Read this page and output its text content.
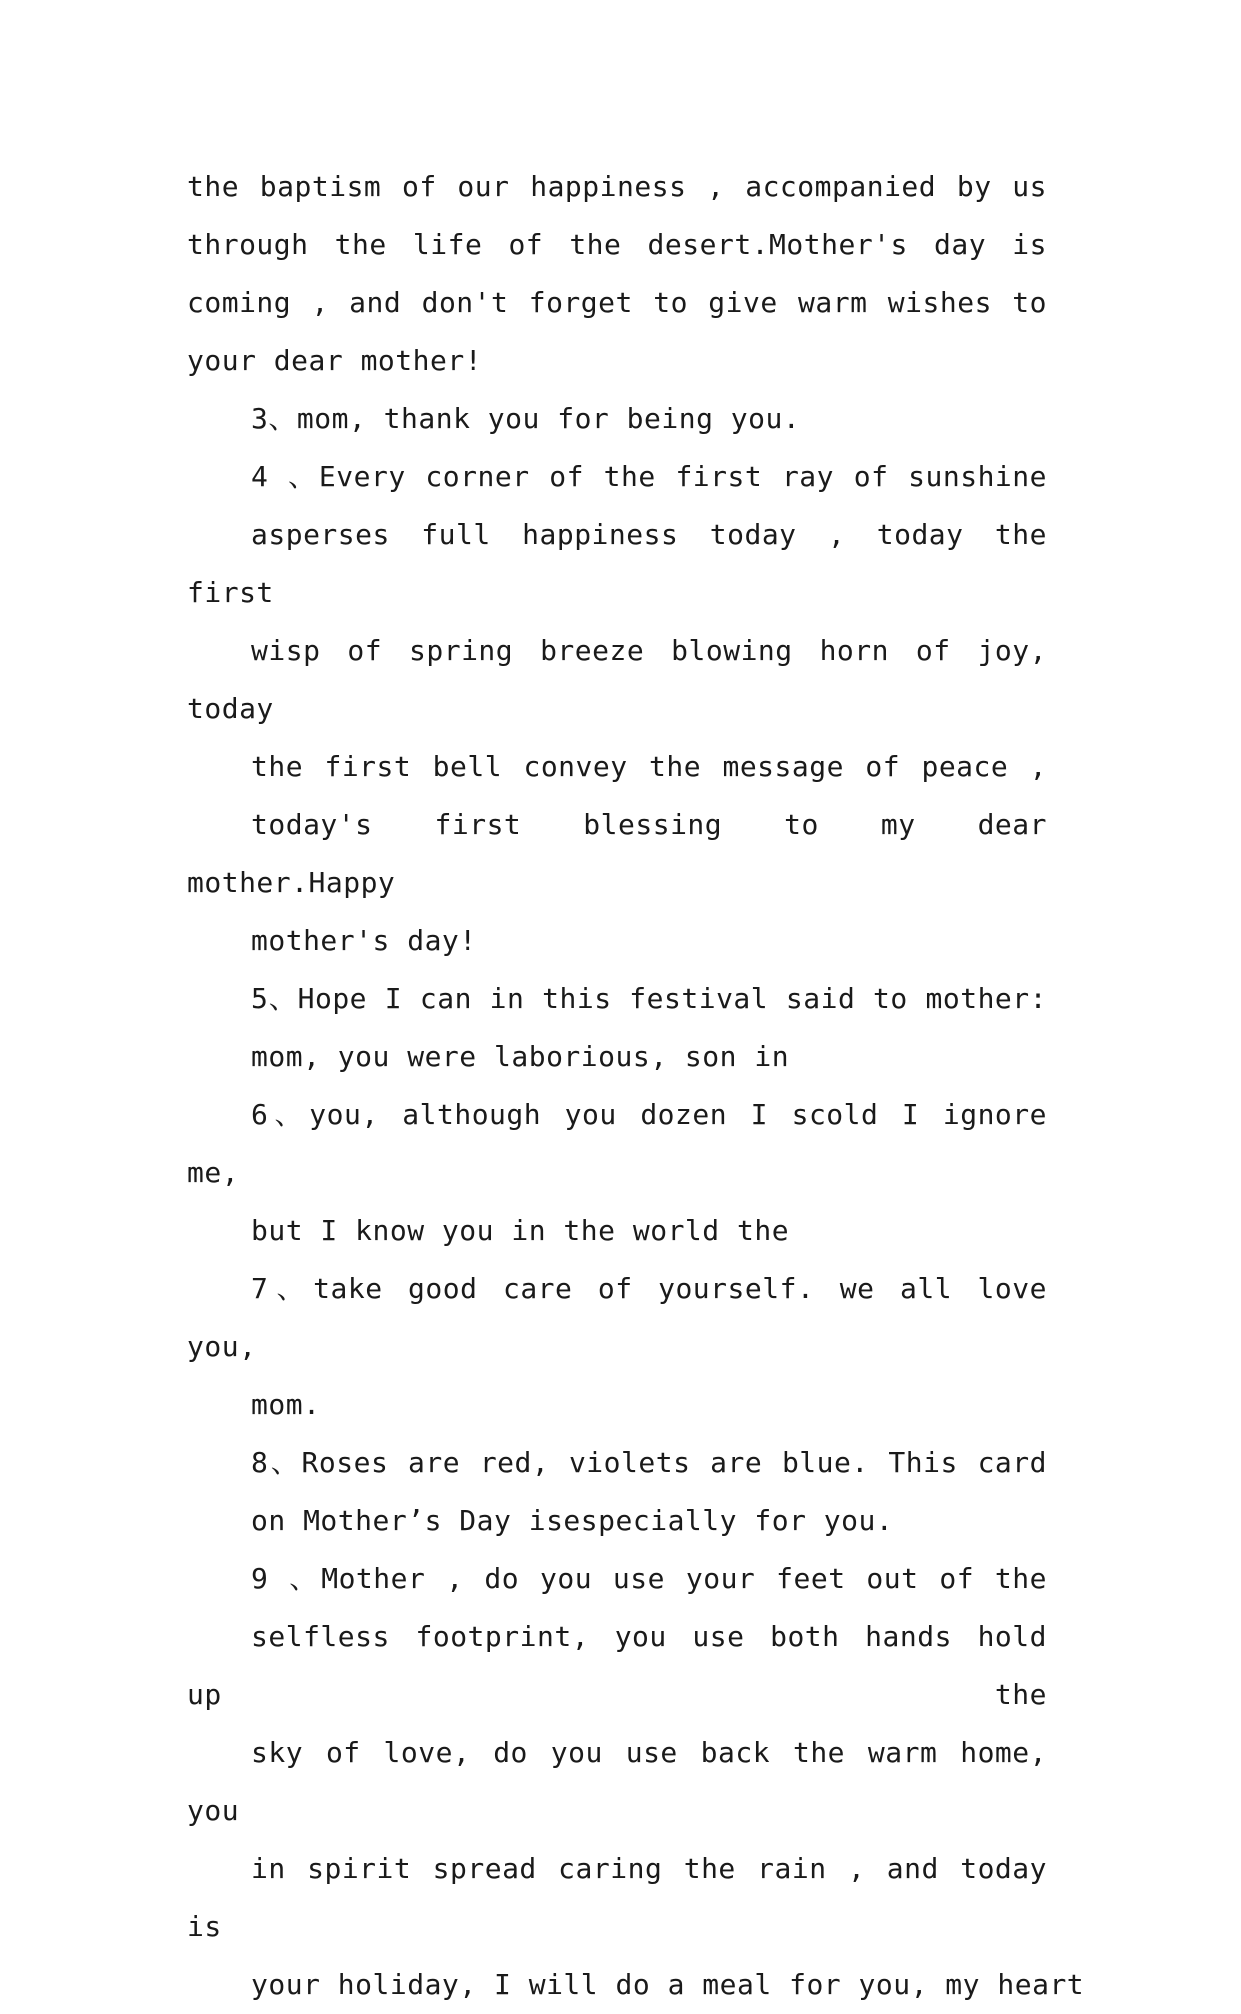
the baptism of our happiness , accompanied by us
through the life of the desert.Mother's day is
coming , and don't forget to give warm wishes to
your dear mother!
3、mom, thank you for being you.
4 、Every corner of the first ray of sunshine
asperses full happiness today , today the first
wisp of spring breeze blowing horn of joy, today
the first bell convey the message of peace ,
today's first blessing to my dear mother.Happy
mother's day!
5、Hope I can in this festival said to mother:
mom, you were laborious, son in
6、you, although you dozen I scold I ignore me,
but I know you in the world the
7、take good care of yourself. we all love you,
mom.
8、Roses are red, violets are blue. This card
on Mother’s Day isespecially for you.
9 、Mother , do you use your feet out of the
selfless footprint, you use both hands hold up the
sky of love, do you use back the warm home, you
in spirit spread caring the rain , and today is
your holiday, I will do a meal for you, my heart
